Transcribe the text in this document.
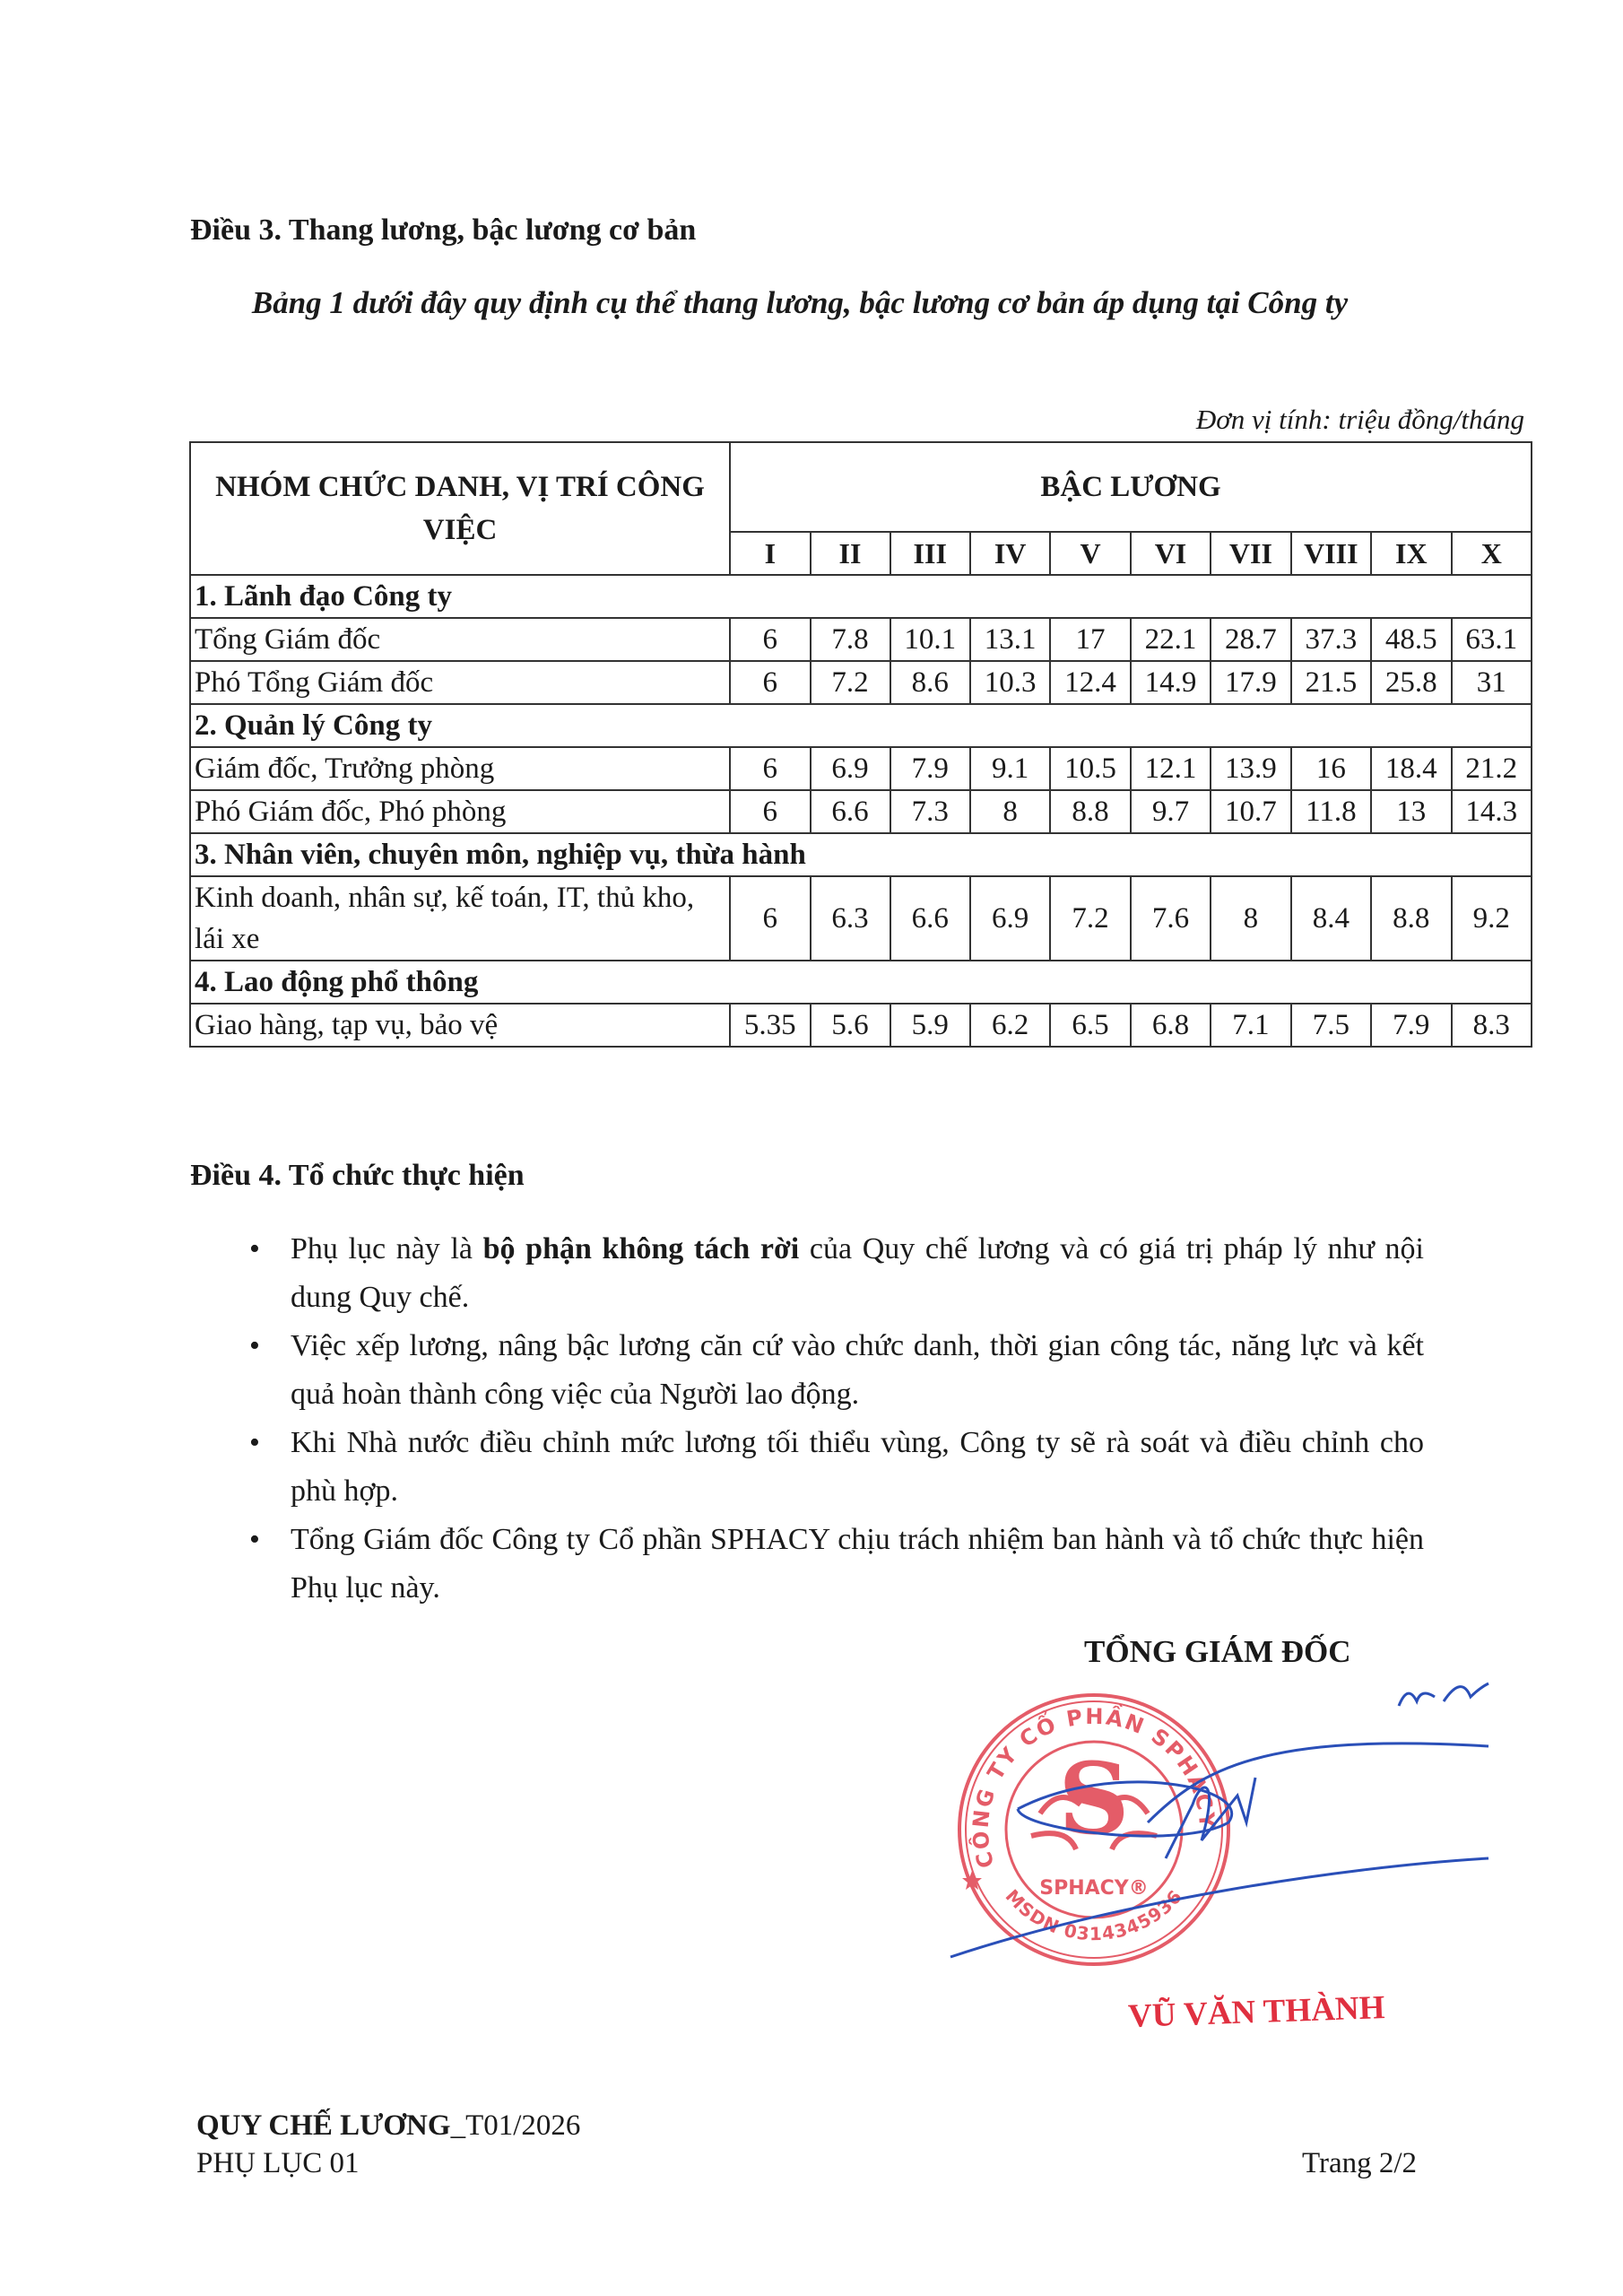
Điều 3. Thang lương, bậc lương cơ bản
Bảng 1 dưới đây quy định cụ thể thang lương, bậc lương cơ bản áp dụng tại Công ty
Đơn vị tính: triệu đồng/tháng
NHÓM CHỨC DANH, VỊ TRÍ CÔNG VIỆC	BẬC LƯƠNG									
	I	II	III	IV	V	VI	VII	VIII	IX	X
1. Lãnh đạo Công ty										
Tổng Giám đốc	6	7.8	10.1	13.1	17	22.1	28.7	37.3	48.5	63.1
Phó Tổng Giám đốc	6	7.2	8.6	10.3	12.4	14.9	17.9	21.5	25.8	31
2. Quản lý Công ty										
Giám đốc, Trưởng phòng	6	6.9	7.9	9.1	10.5	12.1	13.9	16	18.4	21.2
Phó Giám đốc, Phó phòng	6	6.6	7.3	8	8.8	9.7	10.7	11.8	13	14.3
3. Nhân viên, chuyên môn, nghiệp vụ, thừa hành										
Kinh doanh, nhân sự, kế toán, IT, thủ kho, lái xe	6	6.3	6.6	6.9	7.2	7.6	8	8.4	8.8	9.2
4. Lao động phổ thông										
Giao hàng, tạp vụ, bảo vệ	5.35	5.6	5.9	6.2	6.5	6.8	7.1	7.5	7.9	8.3
Điều 4. Tổ chức thực hiện
• Phụ lục này là bộ phận không tách rời của Quy chế lương và có giá trị pháp lý như nội dung Quy chế.
• Việc xếp lương, nâng bậc lương căn cứ vào chức danh, thời gian công tác, năng lực và kết quả hoàn thành công việc của Người lao động.
• Khi Nhà nước điều chỉnh mức lương tối thiểu vùng, Công ty sẽ rà soát và điều chỉnh cho phù hợp.
• Tổng Giám đốc Công ty Cổ phần SPHACY chịu trách nhiệm ban hành và tổ chức thực hiện Phụ lục này.
CÔNG TY CỔ PHẦN SPHACY
MSDN 0314345936
S
SPHACY®
TỔNG GIÁM ĐỐC
VŨ VĂN THÀNH
QUY CHẾ LƯƠNG_T01/2026
PHỤ LỤC 01	Trang 2/2
